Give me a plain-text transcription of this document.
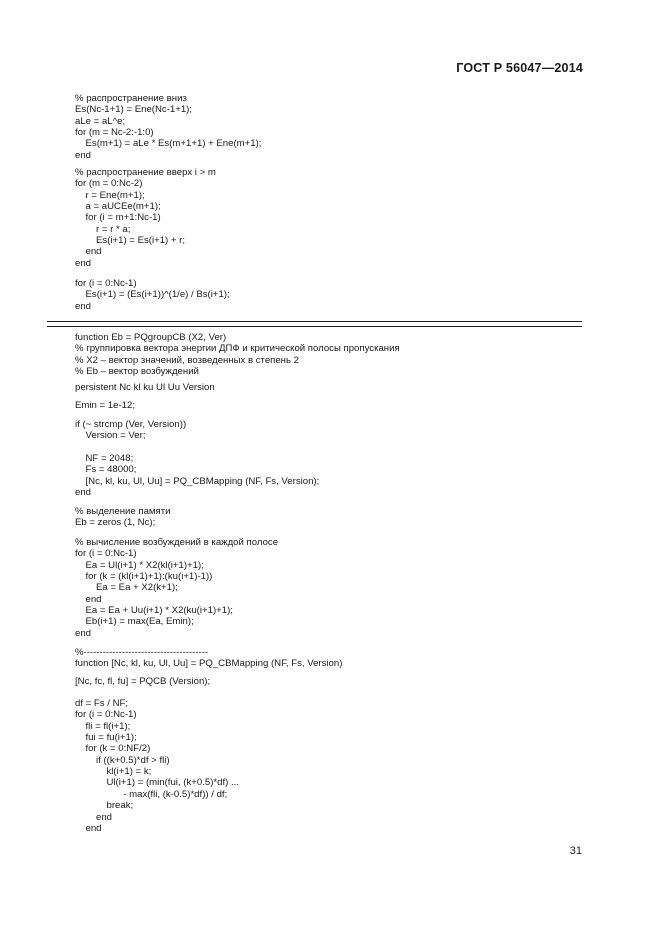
ГОСТ Р 56047—2014
% распространение вниз
Es(Nc-1+1) = Ene(Nc-1+1);
aLe = aL^e;
for (m = Nc-2:-1:0)
Es(m+1) = aLe * Es(m+1+1) + Ene(m+1);
end
% распространение вверх i > m
for (m = 0:Nc-2)
r = Ene(m+1);
a = aUCEe(m+1);
for (i = m+1:Nc-1)
r = r * a;
Es(i+1) = Es(i+1) + r;
end
end
for (i = 0:Nc-1)
Es(i+1) = (Es(i+1))^(1/e) / Bs(i+1);
end
function Eb = PQgroupCB (X2, Ver)
% группировка вектора энергии ДПФ и критической полосы пропускания
% X2 – вектор значений, возведенных в степень 2
% Eb – вектор возбуждений
persistent Nc kl ku Ul Uu Version
Emin = 1e-12;
if (~ strcmp (Ver, Version))
Version = Ver;
NF = 2048;
Fs = 48000;
[Nc, kl, ku, Ul, Uu] = PQ_CBMapping (NF, Fs, Version);
end
% выделение памяти
Eb = zeros (1, Nc);
% вычисление возбуждений в каждой полосе
for (i = 0:Nc-1)
Ea = Ul(i+1) * X2(kl(i+1)+1);
for (k = (kl(i+1)+1):(ku(i+1)-1))
Ea = Ea + X2(k+1);
end
Ea = Ea + Uu(i+1) * X2(ku(i+1)+1);
Eb(i+1) = max(Ea, Emin);
end
%---------------------------------------
function [Nc, kl, ku, Ul, Uu] = PQ_CBMapping (NF, Fs, Version)
[Nc, fc, fl, fu] = PQCB (Version);
df = Fs / NF;
for (i = 0:Nc-1)
fli = fl(i+1);
fui = fu(i+1);
for (k = 0:NF/2)
if ((k+0.5)*df > fli)
kl(i+1) = k;
Ul(i+1) = (min(fui, (k+0.5)*df) ...
- max(fli, (k-0.5)*df)) / df;
break;
end
end
31
